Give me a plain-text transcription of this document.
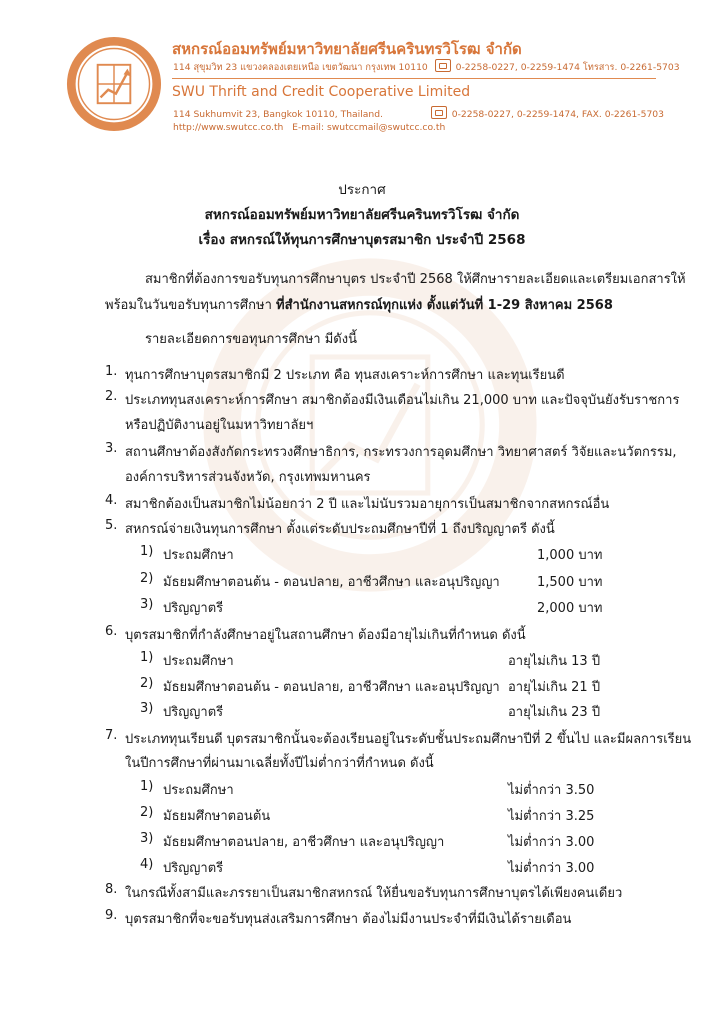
สหกรณ์ออมทรัพย์มหาวิทยาลัยศรีนครินทรวิโรฒ จำกัด
114 สุขุมวิท 23 แขวงคลองเตยเหนือ เขตวัฒนา กรุงเทพ 10110	0-2258-0227, 0-2259-1474 โทรสาร. 0-2261-5703
SWU Thrift and Credit Cooperative Limited
114 Sukhumvit 23, Bangkok 10110, Thailand.	0-2258-0227, 0-2259-1474, FAX. 0-2261-5703
http://www.swutcc.co.th E-mail: swutccmail@swutcc.co.th
ประกาศ
สหกรณ์ออมทรัพย์มหาวิทยาลัยศรีนครินทรวิโรฒ จำกัด
เรื่อง สหกรณ์ให้ทุนการศึกษาบุตรสมาชิก ประจำปี 2568
สมาชิกที่ต้องการขอรับทุนการศึกษาบุตร ประจำปี 2568 ให้ศึกษารายละเอียดและเตรียมเอกสารให้
พร้อมในวันขอรับทุนการศึกษา ที่สำนักงานสหกรณ์ทุกแห่ง ตั้งแต่วันที่ 1-29 สิงหาคม 2568
รายละเอียดการขอทุนการศึกษา มีดังนี้
1. ทุนการศึกษาบุตรสมาชิกมี 2 ประเภท คือ ทุนสงเคราะห์การศึกษา และทุนเรียนดี
2. ประเภททุนสงเคราะห์การศึกษา สมาชิกต้องมีเงินเดือนไม่เกิน 21,000 บาท และปัจจุบันยังรับราชการ
หรือปฏิบัติงานอยู่ในมหาวิทยาลัยฯ
3. สถานศึกษาต้องสังกัดกระทรวงศึกษาธิการ, กระทรวงการอุดมศึกษา วิทยาศาสตร์ วิจัยและนวัตกรรม,
องค์การบริหารส่วนจังหวัด, กรุงเทพมหานคร
4. สมาชิกต้องเป็นสมาชิกไม่น้อยกว่า 2 ปี และไม่นับรวมอายุการเป็นสมาชิกจากสหกรณ์อื่น
5. สหกรณ์จ่ายเงินทุนการศึกษา ตั้งแต่ระดับประถมศึกษาปีที่ 1 ถึงปริญญาตรี ดังนี้
1) ประถมศึกษา	1,000 บาท
2) มัธยมศึกษาตอนต้น - ตอนปลาย, อาชีวศึกษา และอนุปริญญา	1,500 บาท
3) ปริญญาตรี	2,000 บาท
6. บุตรสมาชิกที่กำลังศึกษาอยู่ในสถานศึกษา ต้องมีอายุไม่เกินที่กำหนด ดังนี้
1) ประถมศึกษา	อายุไม่เกิน 13 ปี
2) มัธยมศึกษาตอนต้น - ตอนปลาย, อาชีวศึกษา และอนุปริญญา อายุไม่เกิน 21 ปี
3) ปริญญาตรี	อายุไม่เกิน 23 ปี
7. ประเภททุนเรียนดี บุตรสมาชิกนั้นจะต้องเรียนอยู่ในระดับชั้นประถมศึกษาปีที่ 2 ขึ้นไป และมีผลการเรียน
ในปีการศึกษาที่ผ่านมาเฉลี่ยทั้งปีไม่ต่ำกว่าที่กำหนด ดังนี้
1) ประถมศึกษา	ไม่ต่ำกว่า 3.50
2) มัธยมศึกษาตอนต้น	ไม่ต่ำกว่า 3.25
3) มัธยมศึกษาตอนปลาย, อาชีวศึกษา และอนุปริญญา	ไม่ต่ำกว่า 3.00
4) ปริญญาตรี	ไม่ต่ำกว่า 3.00
8. ในกรณีทั้งสามีและภรรยาเป็นสมาชิกสหกรณ์ ให้ยื่นขอรับทุนการศึกษาบุตรได้เพียงคนเดียว
9. บุตรสมาชิกที่จะขอรับทุนส่งเสริมการศึกษา ต้องไม่มีงานประจำที่มีเงินได้รายเดือน
